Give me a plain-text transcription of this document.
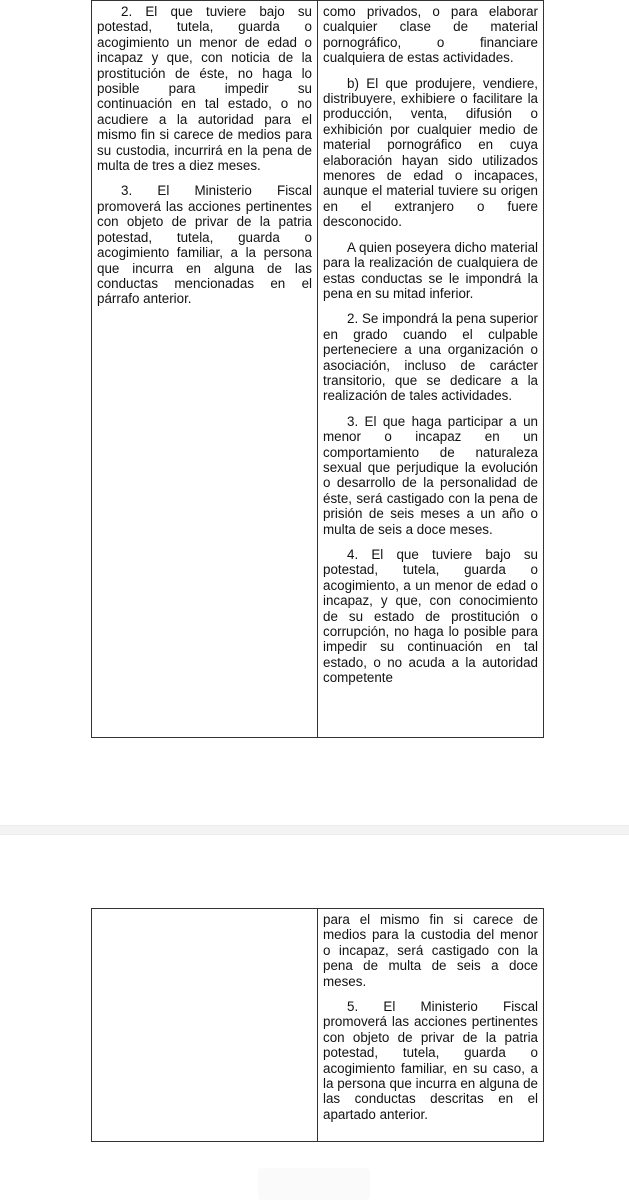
2. El que tuviere bajo su potestad, tutela, guarda o acogimiento un menor de edad o incapaz y que, con noticia de la prostitución de éste, no haga lo posible para impedir su continuación en tal estado, o no acudiere a la autoridad para el mismo fin si carece de medios para su custodia, incurrirá en la pena de multa de tres a diez meses.

3. El Ministerio Fiscal promoverá las acciones pertinentes con objeto de privar de la patria potestad, tutela, guarda o acogimiento familiar, a la persona que incurra en alguna de las conductas mencionadas en el párrafo anterior.

como privados, o para elaborar cualquier clase de material pornográfico, o financiare cualquiera de estas actividades.

b) El que produjere, vendiere, distribuyere, exhibiere o facilitare la producción, venta, difusión o exhibición por cualquier medio de material pornográfico en cuya elaboración hayan sido utilizados menores de edad o incapaces, aunque el material tuviere su origen en el extranjero o fuere desconocido.

A quien poseyera dicho material para la realización de cualquiera de estas conductas se le impondrá la pena en su mitad inferior.

2. Se impondrá la pena superior en grado cuando el culpable perteneciere a una organización o asociación, incluso de carácter transitorio, que se dedicare a la realización de tales actividades.

3. El que haga participar a un menor o incapaz en un comportamiento de naturaleza sexual que perjudique la evolución o desarrollo de la personalidad de éste, será castigado con la pena de prisión de seis meses a un año o multa de seis a doce meses.

4. El que tuviere bajo su potestad, tutela, guarda o acogimiento, a un menor de edad o incapaz, y que, con conocimiento de su estado de prostitución o corrupción, no haga lo posible para impedir su continuación en tal estado, o no acuda a la autoridad competente

para el mismo fin si carece de medios para la custodia del menor o incapaz, será castigado con la pena de multa de seis a doce meses.

5. El Ministerio Fiscal promoverá las acciones pertinentes con objeto de privar de la patria potestad, tutela, guarda o acogimiento familiar, en su caso, a la persona que incurra en alguna de las conductas descritas en el apartado anterior.
